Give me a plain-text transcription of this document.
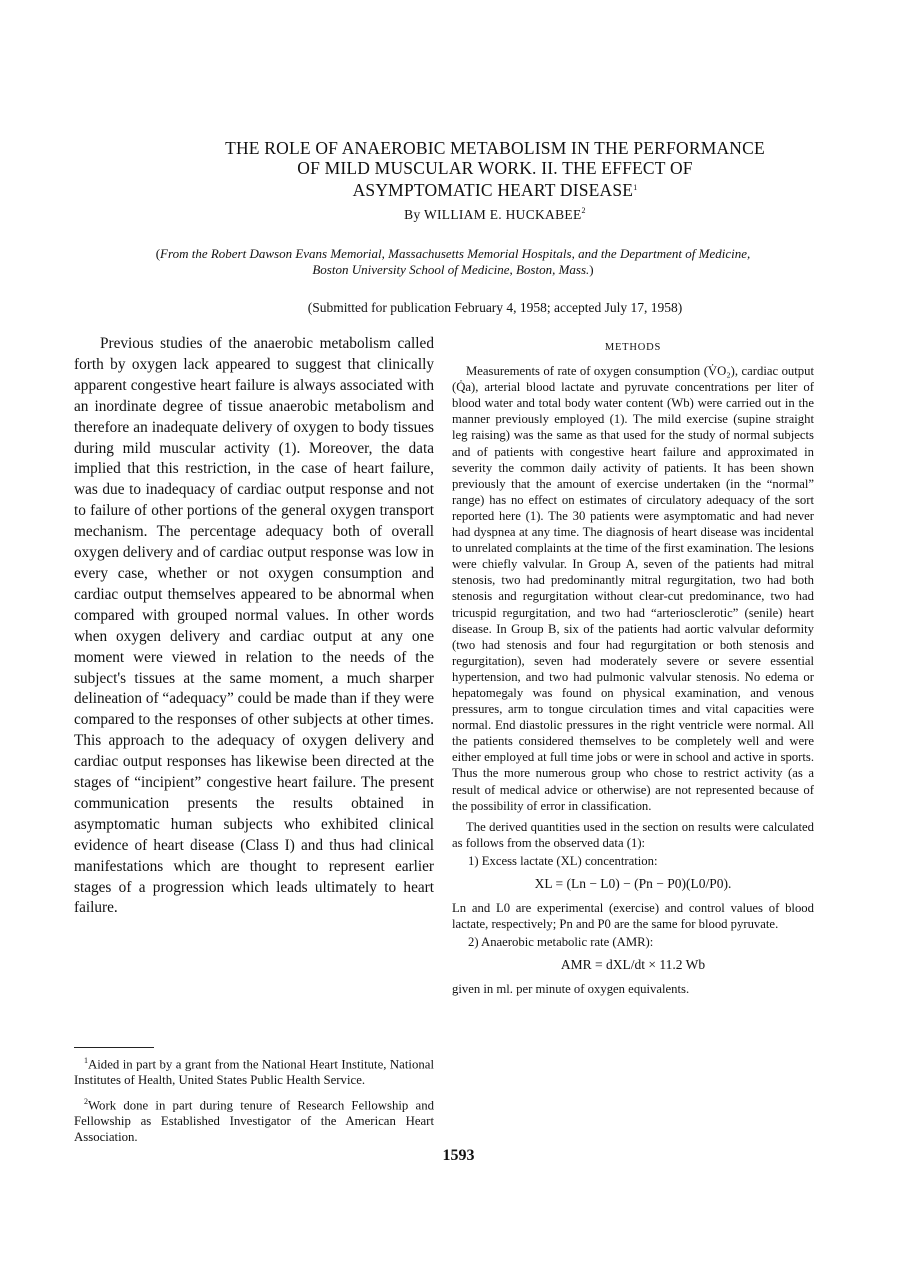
THE ROLE OF ANAEROBIC METABOLISM IN THE PERFORMANCE
OF MILD MUSCULAR WORK. II. THE EFFECT OF
ASYMPTOMATIC HEART DISEASE$^1$
By WILLIAM E. HUCKABEE$^2$
(From the Robert Dawson Evans Memorial, Massachusetts Memorial Hospitals, and the Department of Medicine, Boston University School of Medicine, Boston, Mass.)
(Submitted for publication February 4, 1958; accepted July 17, 1958)

Previous studies of the anaerobic metabolism called forth by oxygen lack appeared to suggest that clinically apparent congestive heart failure is always associated with an inordinate degree of tissue anaerobic metabolism and therefore an inadequate delivery of oxygen to body tissues during mild muscular activity (1). Moreover, the data implied that this restriction, in the case of heart failure, was due to inadequacy of cardiac output response and not to failure of other portions of the general oxygen transport mechanism. The percentage adequacy both of overall oxygen delivery and of cardiac output response was low in every case, whether or not oxygen consumption and cardiac output themselves appeared to be abnormal when compared with grouped normal values. In other words when oxygen delivery and cardiac output at any one moment were viewed in relation to the needs of the subject's tissues at the same moment, a much sharper delineation of “adequacy” could be made than if they were compared to the responses of other subjects at other times. This approach to the adequacy of oxygen delivery and cardiac output responses has likewise been directed at the stages of “incipient” congestive heart failure. The present communication presents the results obtained in asymptomatic human subjects who exhibited clinical evidence of heart disease (Class I) and thus had clinical manifestations which are thought to represent earlier stages of a progression which leads ultimately to heart failure.

$^1$Aided in part by a grant from the National Heart Institute, National Institutes of Health, United States Public Health Service.

$^2$Work done in part during tenure of Research Fellowship and Fellowship as Established Investigator of the American Heart Association.

METHODS

Measurements of rate of oxygen consumption (V̇O₂), cardiac output (Q̇a), arterial blood lactate and pyruvate concentrations per liter of blood water and total body water content (Wb) were carried out in the manner previously employed (1). The mild exercise (supine straight leg raising) was the same as that used for the study of normal subjects and of patients with congestive heart failure and approximated in severity the common daily activity of patients. It has been shown previously that the amount of exercise undertaken (in the “normal” range) has no effect on estimates of circulatory adequacy of the sort reported here (1). The 30 patients were asymptomatic and had never had dyspnea at any time. The diagnosis of heart disease was incidental to unrelated complaints at the time of the first examination. The lesions were chiefly valvular. In Group A, seven of the patients had mitral stenosis, two had predominantly mitral regurgitation, two had both stenosis and regurgitation without clear-cut predominance, two had tricuspid regurgitation, and two had “arteriosclerotic” (senile) heart disease. In Group B, six of the patients had aortic valvular deformity (two had stenosis and four had regurgitation or both stenosis and regurgitation), seven had moderately severe or severe essential hypertension, and two had pulmonic valvular stenosis. No edema or hepatomegaly was found on physical examination, and venous pressures, arm to tongue circulation times and vital capacities were normal. End diastolic pressures in the right ventricle were normal. All the patients considered themselves to be completely well and were either employed at full time jobs or were in school and active in sports. Thus the more numerous group who chose to restrict activity (as a result of medical advice or otherwise) are not represented because of the possibility of error in classification.

The derived quantities used in the section on results were calculated as follows from the observed data (1):

1) Excess lactate (XL) concentration:

XL = (Ln − L0) − (Pn − P0)(L0/P0).

Ln and L0 are experimental (exercise) and control values of blood lactate, respectively; Pn and P0 are the same for blood pyruvate.

2) Anaerobic metabolic rate (AMR):

AMR = dXL/dt × 11.2 Wb

given in ml. per minute of oxygen equivalents.

1593
